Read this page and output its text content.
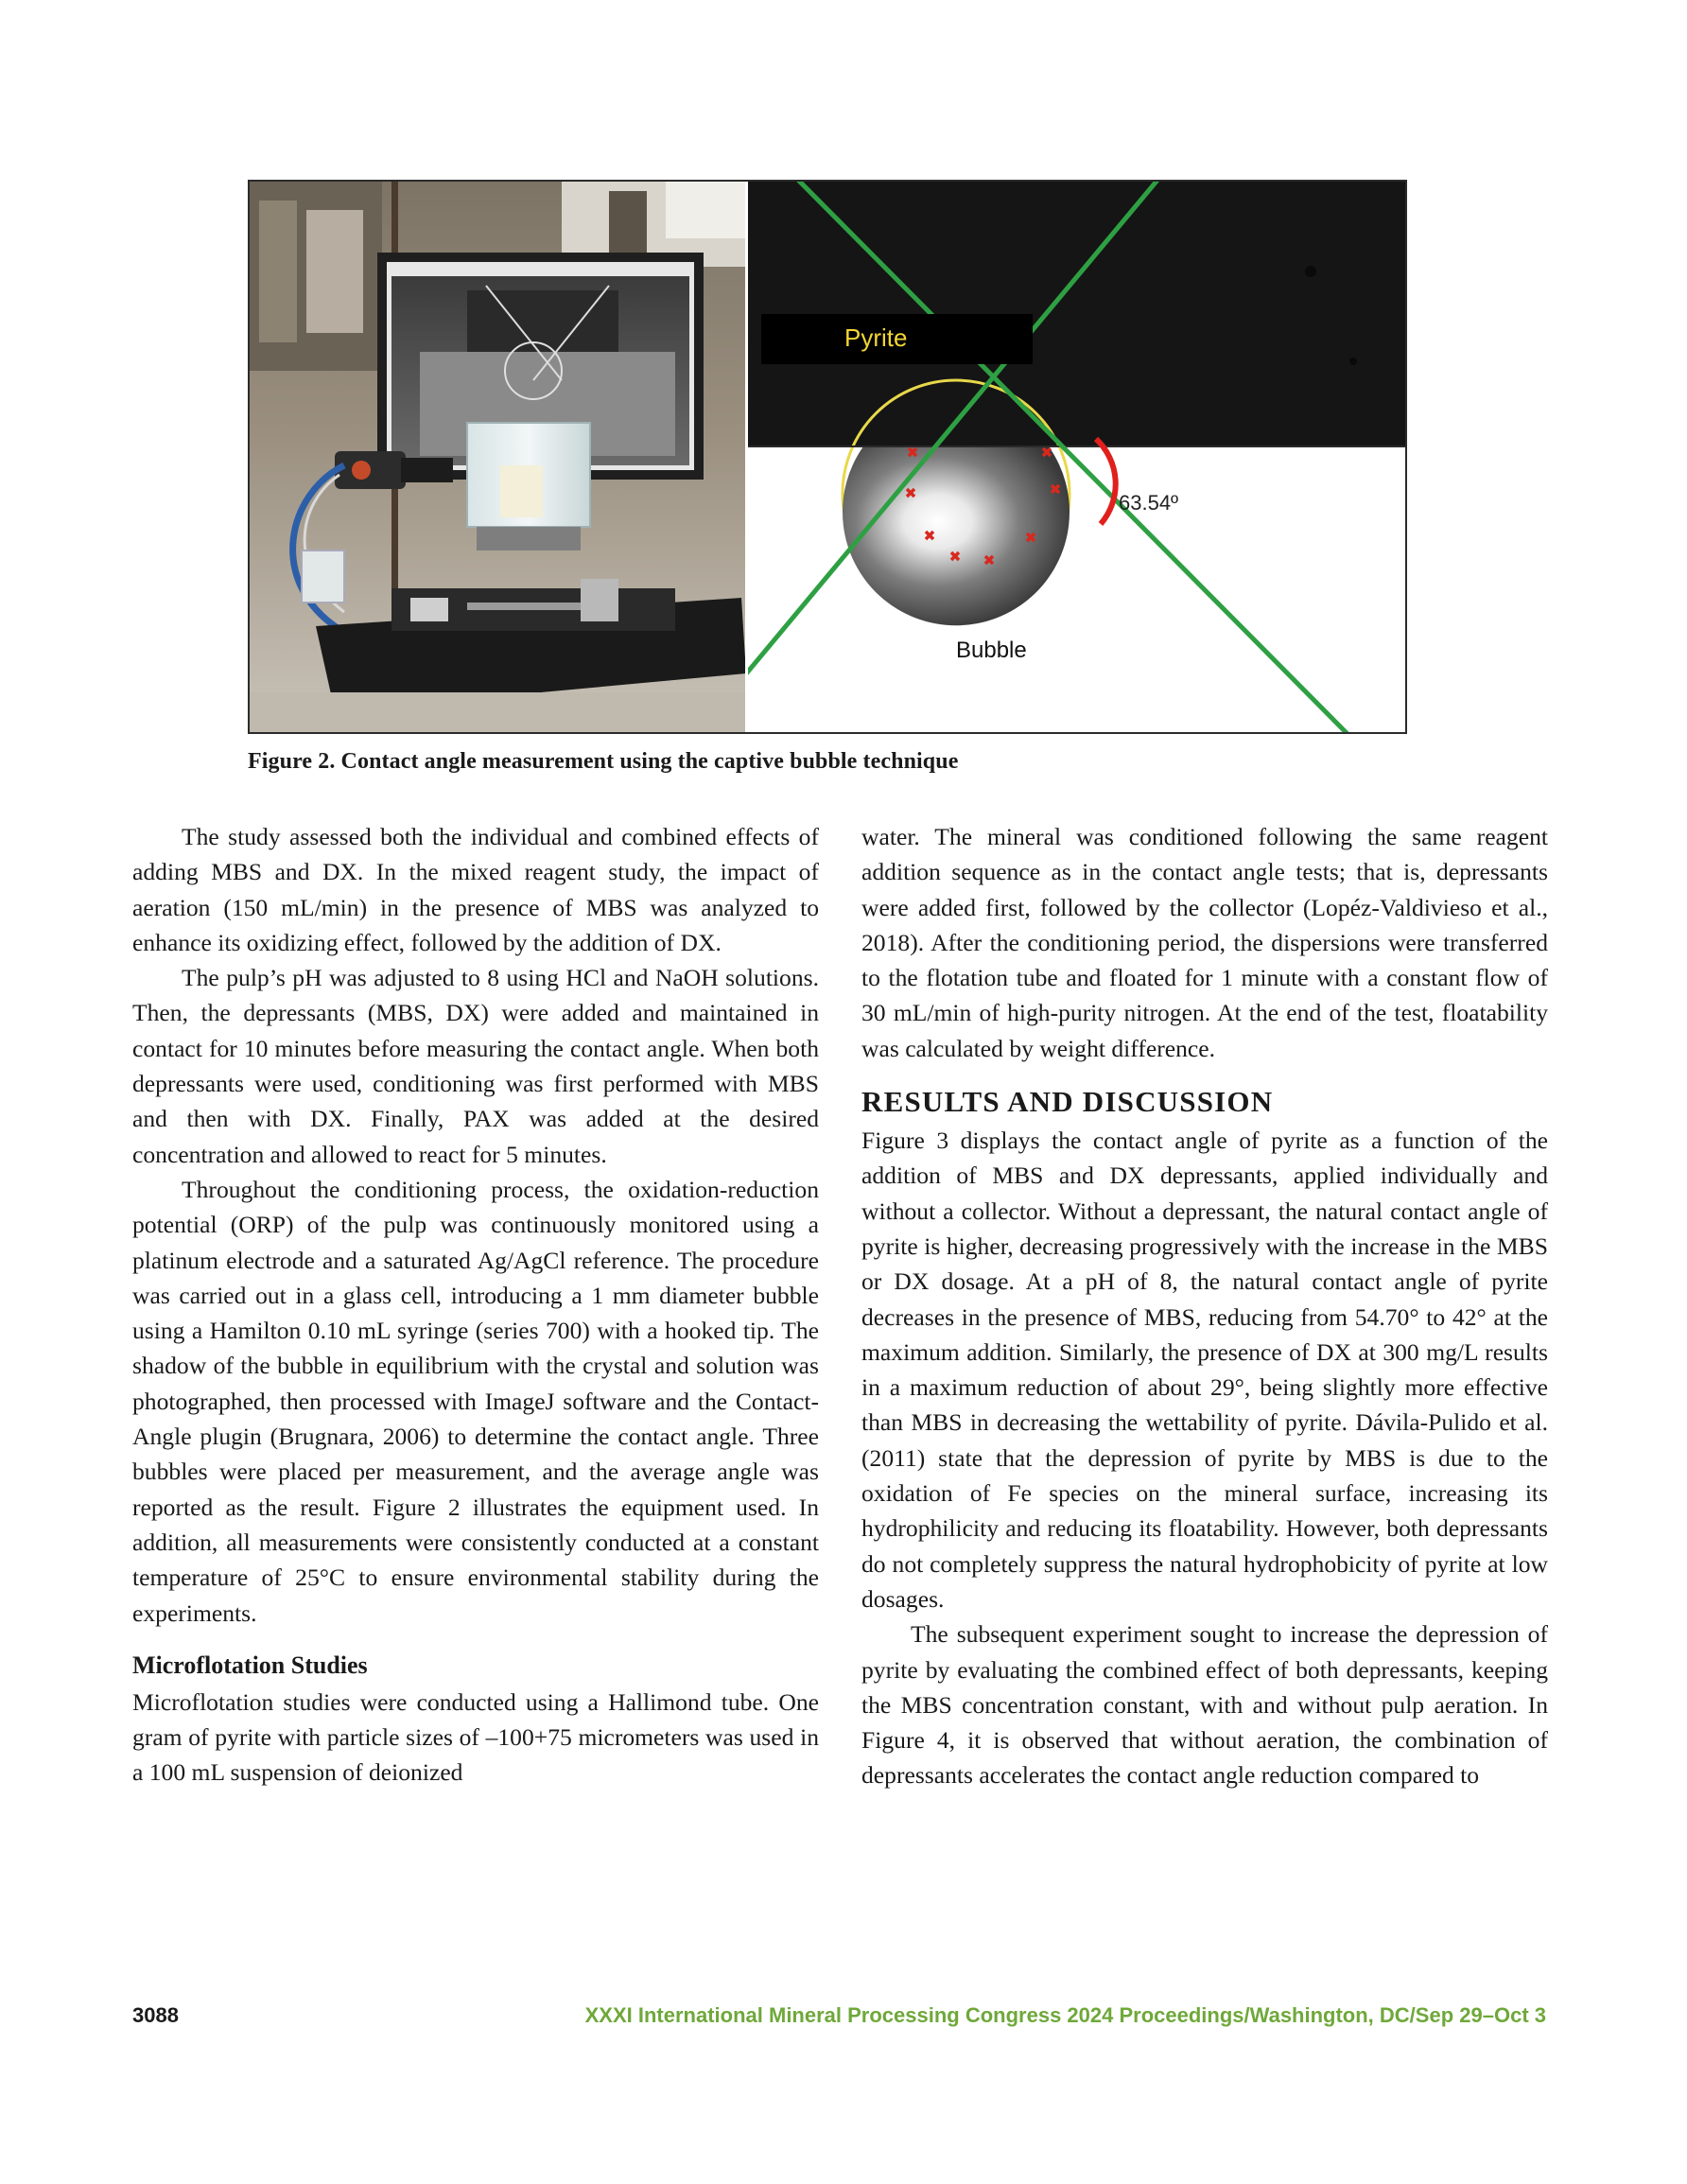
Pyrite
63.54º
Bubble
Figure 2. Contact angle measurement using the captive bubble technique

The study assessed both the individual and combined effects of adding MBS and DX. In the mixed reagent study, the impact of aeration (150 mL/min) in the presence of MBS was analyzed to enhance its oxidizing effect, followed by the addition of DX.

The pulp’s pH was adjusted to 8 using HCl and NaOH solutions. Then, the depressants (MBS, DX) were added and maintained in contact for 10 minutes before measuring the contact angle. When both depressants were used, conditioning was first performed with MBS and then with DX. Finally, PAX was added at the desired concentration and allowed to react for 5 minutes.

Throughout the conditioning process, the oxidation-reduction potential (ORP) of the pulp was continuously monitored using a platinum electrode and a saturated Ag/AgCl reference. The procedure was carried out in a glass cell, introducing a 1 mm diameter bubble using a Hamilton 0.10 mL syringe (series 700) with a hooked tip. The shadow of the bubble in equilibrium with the crystal and solution was photographed, then processed with ImageJ software and the Contact-Angle plugin (Brugnara, 2006) to determine the contact angle. Three bubbles were placed per measurement, and the average angle was reported as the result. Figure 2 illustrates the equipment used. In addition, all measurements were consistently conducted at a constant temperature of 25°C to ensure environmental stability during the experiments.

Microflotation Studies

Microflotation studies were conducted using a Hallimond tube. One gram of pyrite with particle sizes of –100+75 micrometers was used in a 100 mL suspension of deionized

water. The mineral was conditioned following the same reagent addition sequence as in the contact angle tests; that is, depressants were added first, followed by the collector (Lopéz-Valdivieso et al., 2018). After the conditioning period, the dispersions were transferred to the flotation tube and floated for 1 minute with a constant flow of 30 mL/min of high-purity nitrogen. At the end of the test, floatability was calculated by weight difference.

RESULTS AND DISCUSSION

Figure 3 displays the contact angle of pyrite as a function of the addition of MBS and DX depressants, applied individually and without a collector. Without a depressant, the natural contact angle of pyrite is higher, decreasing progressively with the increase in the MBS or DX dosage. At a pH of 8, the natural contact angle of pyrite decreases in the presence of MBS, reducing from 54.70° to 42° at the maximum addition. Similarly, the presence of DX at 300 mg/L results in a maximum reduction of about 29°, being slightly more effective than MBS in decreasing the wettability of pyrite. Dávila-Pulido et al. (2011) state that the depression of pyrite by MBS is due to the oxidation of Fe species on the mineral surface, increasing its hydrophilicity and reducing its floatability. However, both depressants do not completely suppress the natural hydrophobicity of pyrite at low dosages.

The subsequent experiment sought to increase the depression of pyrite by evaluating the combined effect of both depressants, keeping the MBS concentration constant, with and without pulp aeration. In Figure 4, it is observed that without aeration, the combination of depressants accelerates the contact angle reduction compared to

3088	XXXI International Mineral Processing Congress 2024 Proceedings/Washington, DC/Sep 29–Oct 3
